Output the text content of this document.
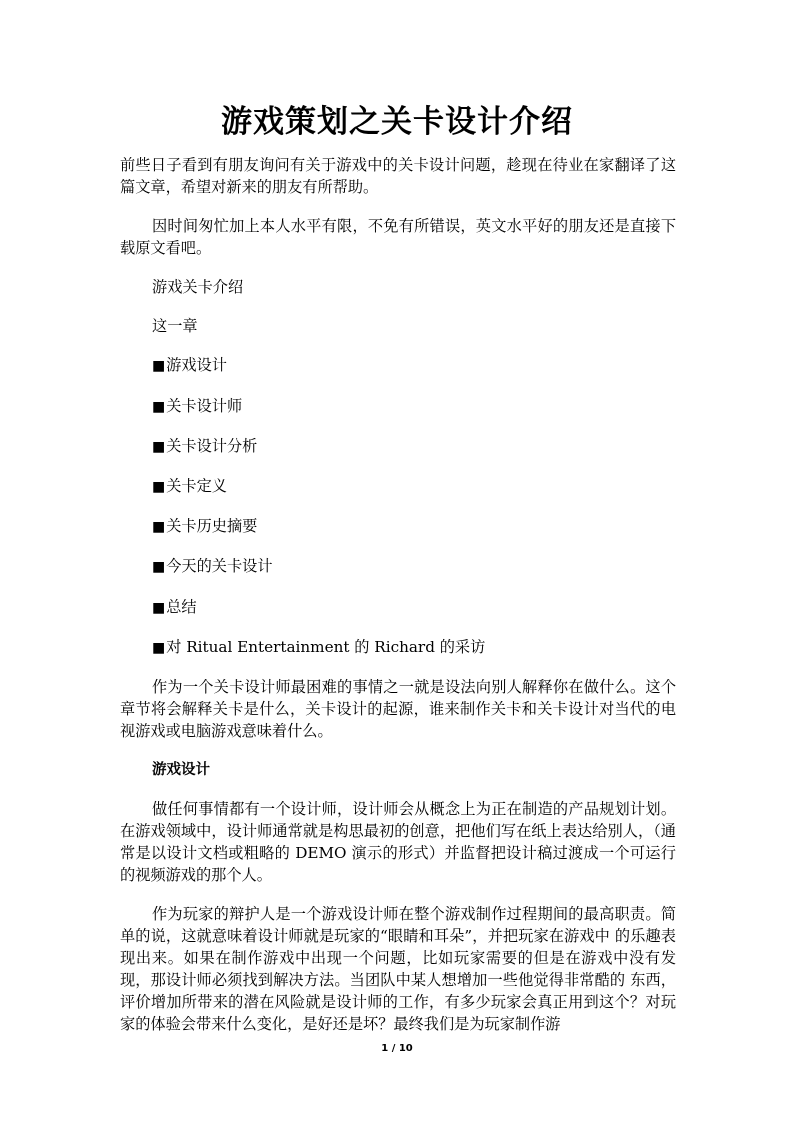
游戏策划之关卡设计介绍

前些日子看到有朋友询问有关于游戏中的关卡设计问题，趁现在待业在家翻译了这篇文章，希望对新来的朋友有所帮助。

因时间匆忙加上本人水平有限，不免有所错误，英文水平好的朋友还是直接下载原文看吧。

游戏关卡介绍

这一章

■游戏设计

■关卡设计师

■关卡设计分析

■关卡定义

■关卡历史摘要

■今天的关卡设计

■总结

■对 Ritual Entertainment 的 Richard 的采访

作为一个关卡设计师最困难的事情之一就是设法向别人解释你在做什么。这个章节将会解释关卡是什么，关卡设计的起源，谁来制作关卡和关卡设计对当代的电视游戏或电脑游戏意味着什么。

游戏设计

做任何事情都有一个设计师，设计师会从概念上为正在制造的产品规划计划。在游戏领域中，设计师通常就是构思最初的创意，把他们写在纸上表达给别人，（通常是以设计文档或粗略的 DEMO 演示的形式）并监督把设计稿过渡成一个可运行的视频游戏的那个人。

作为玩家的辩护人是一个游戏设计师在整个游戏制作过程期间的最高职责。简单的说，这就意味着设计师就是玩家的“眼睛和耳朵”，并把玩家在游戏中 的乐趣表现出来。如果在制作游戏中出现一个问题，比如玩家需要的但是在游戏中没有发现，那设计师必须找到解决方法。当团队中某人想增加一些他觉得非常酷的 东西，评价增加所带来的潜在风险就是设计师的工作，有多少玩家会真正用到这个？对玩家的体验会带来什么变化，是好还是坏？最终我们是为玩家制作游

1 / 10
